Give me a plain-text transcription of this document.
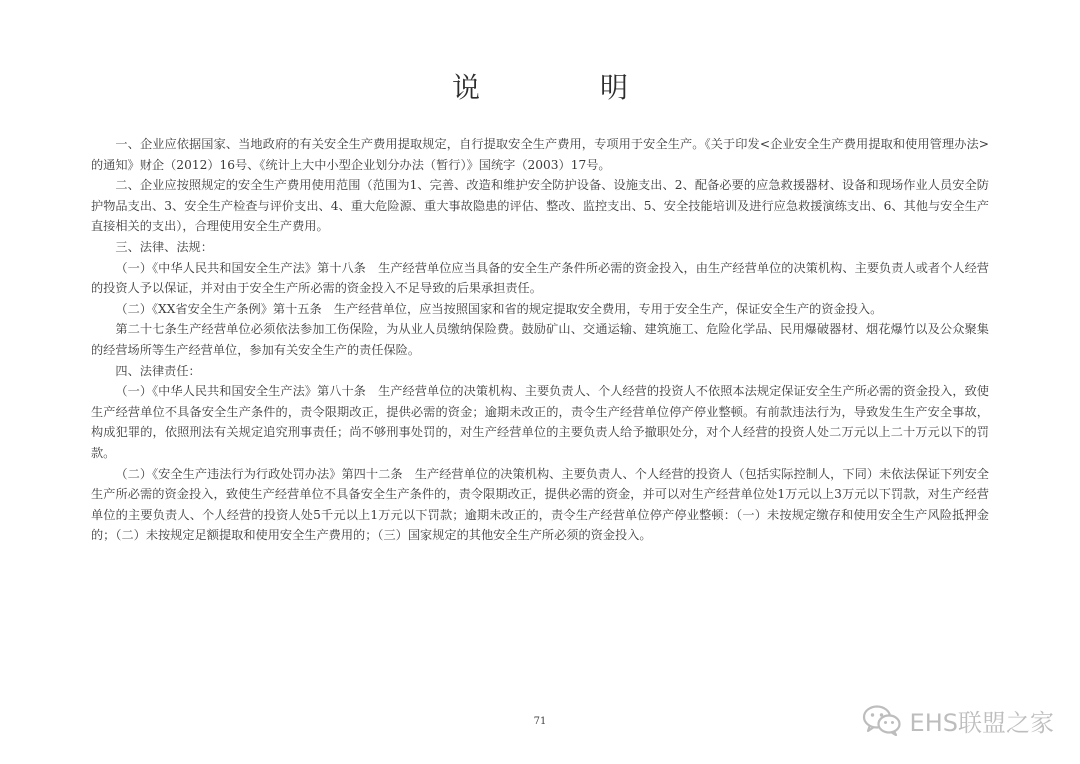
说　明

一、企业应依据国家、当地政府的有关安全生产费用提取规定，自行提取安全生产费用，专项用于安全生产。《关于印发<企业安全生产费用提取和使用管理办法>的通知》财企（2012）16号、《统计上大中小型企业划分办法（暂行）》国统字（2003）17号。

二、企业应按照规定的安全生产费用使用范围（范围为1、完善、改造和维护安全防护设备、设施支出、2、配备必要的应急救援器材、设备和现场作业人员安全防护物品支出、3、安全生产检查与评价支出、4、重大危险源、重大事故隐患的评估、整改、监控支出、5、安全技能培训及进行应急救援演练支出、6、其他与安全生产直接相关的支出），合理使用安全生产费用。

三、法律、法规：

（一）《中华人民共和国安全生产法》第十八条　生产经营单位应当具备的安全生产条件所必需的资金投入，由生产经营单位的决策机构、主要负责人或者个人经营的投资人予以保证，并对由于安全生产所必需的资金投入不足导致的后果承担责任。

（二）《XX省安全生产条例》第十五条　生产经营单位，应当按照国家和省的规定提取安全费用，专用于安全生产，保证安全生产的资金投入。

第二十七条生产经营单位必须依法参加工伤保险，为从业人员缴纳保险费。鼓励矿山、交通运输、建筑施工、危险化学品、民用爆破器材、烟花爆竹以及公众聚集的经营场所等生产经营单位，参加有关安全生产的责任保险。

四、法律责任：

（一）《中华人民共和国安全生产法》第八十条　生产经营单位的决策机构、主要负责人、个人经营的投资人不依照本法规定保证安全生产所必需的资金投入，致使生产经营单位不具备安全生产条件的，责令限期改正，提供必需的资金；逾期未改正的，责令生产经营单位停产停业整顿。有前款违法行为，导致发生生产安全事故，构成犯罪的，依照刑法有关规定追究刑事责任；尚不够刑事处罚的，对生产经营单位的主要负责人给予撤职处分，对个人经营的投资人处二万元以上二十万元以下的罚款。

（二）《安全生产违法行为行政处罚办法》第四十二条　生产经营单位的决策机构、主要负责人、个人经营的投资人（包括实际控制人，下同）未依法保证下列安全生产所必需的资金投入，致使生产经营单位不具备安全生产条件的，责令限期改正，提供必需的资金，并可以对生产经营单位处1万元以上3万元以下罚款，对生产经营单位的主要负责人、个人经营的投资人处5千元以上1万元以下罚款；逾期未改正的，责令生产经营单位停产停业整顿：（一）未按规定缴存和使用安全生产风险抵押金的；（二）未按规定足额提取和使用安全生产费用的；（三）国家规定的其他安全生产所必须的资金投入。

71	EHS联盟之家
